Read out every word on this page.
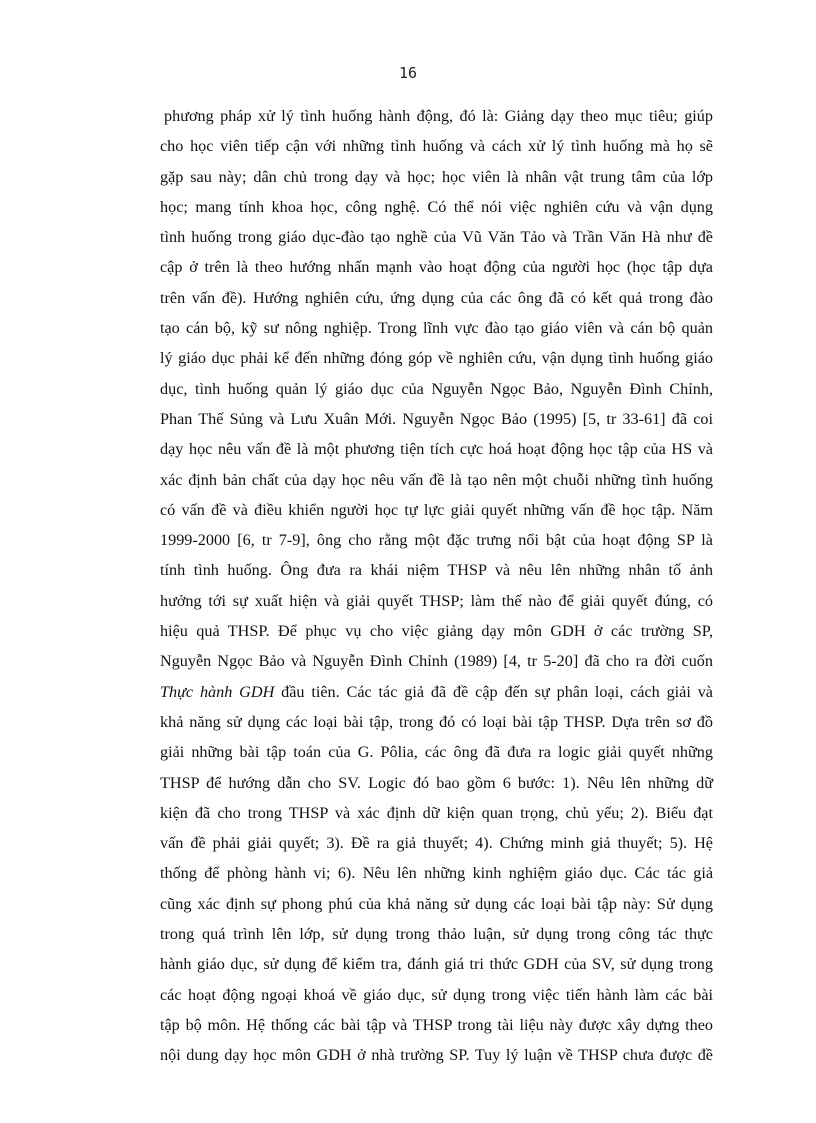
16
phương pháp xử lý tình huống hành động, đó là: Giảng dạy theo mục tiêu; giúp
cho học viên tiếp cận với những tình huống và cách xử lý tình huống mà họ sẽ
gặp sau này; dân chủ trong dạy và học; học viên là nhân vật trung tâm của lớp
học; mang tính khoa học, công nghệ. Có thể nói việc nghiên cứu và vận dụng
tình huống trong giáo dục-đào tạo nghề của Vũ Văn Tảo và Trần Văn Hà như đề
cập ở trên là theo hướng nhấn mạnh vào hoạt động của người học (học tập dựa
trên vấn đề). Hướng nghiên cứu, ứng dụng của các ông đã có kết quả trong đào
tạo cán bộ, kỹ sư nông nghiệp. Trong lĩnh vực đào tạo giáo viên và cán bộ quản
lý giáo dục phải kể đến những đóng góp về nghiên cứu, vận dụng tình huống giáo
dục, tình huống quản lý giáo dục của Nguyễn Ngọc Bảo, Nguyễn Đình Chỉnh,
Phan Thế Sủng và Lưu Xuân Mới. Nguyễn Ngọc Bảo (1995) [5, tr 33-61] đã coi
dạy học nêu vấn đề là một phương tiện tích cực hoá hoạt động học tập của HS và
xác định bản chất của dạy học nêu vấn đề là tạo nên một chuỗi những tình huống
có vấn đề và điều khiển người học tự lực giải quyết những vấn đề học tập. Năm
1999-2000 [6, tr 7-9], ông cho rằng một đặc trưng nổi bật của hoạt động SP là
tính tình huống. Ông đưa ra khái niệm THSP và nêu lên những nhân tố ảnh
hưởng tới sự xuất hiện và giải quyết THSP; làm thế nào để giải quyết đúng, có
hiệu quả THSP. Để phục vụ cho việc giảng dạy môn GDH ở các trường SP,
Nguyễn Ngọc Bảo và Nguyễn Đình Chỉnh (1989) [4, tr 5-20] đã cho ra đời cuốn
Thực hành GDH đầu tiên. Các tác giả đã đề cập đến sự phân loại, cách giải và
khả năng sử dụng các loại bài tập, trong đó có loại bài tập THSP. Dựa trên sơ đồ
giải những bài tập toán của G. Pôlia, các ông đã đưa ra logic giải quyết những
THSP để hướng dẫn cho SV. Logic đó bao gồm 6 bước: 1). Nêu lên những dữ
kiện đã cho trong THSP và xác định dữ kiện quan trọng, chủ yếu; 2). Biểu đạt
vấn đề phải giải quyết; 3). Đề ra giả thuyết; 4). Chứng minh giả thuyết; 5). Hệ
thống để phòng hành vi; 6). Nêu lên những kinh nghiệm giáo dục. Các tác giả
cũng xác định sự phong phú của khả năng sử dụng các loại bài tập này: Sử dụng
trong quá trình lên lớp, sử dụng trong thảo luận, sử dụng trong công tác thực
hành giáo dục, sử dụng để kiểm tra, đánh giá tri thức GDH của SV, sử dụng trong
các hoạt động ngoại khoá về giáo dục, sử dụng trong việc tiến hành làm các bài
tập bộ môn. Hệ thống các bài tập và THSP trong tài liệu này được xây dựng theo
nội dung dạy học môn GDH ở nhà trường SP. Tuy lý luận về THSP chưa được đề
